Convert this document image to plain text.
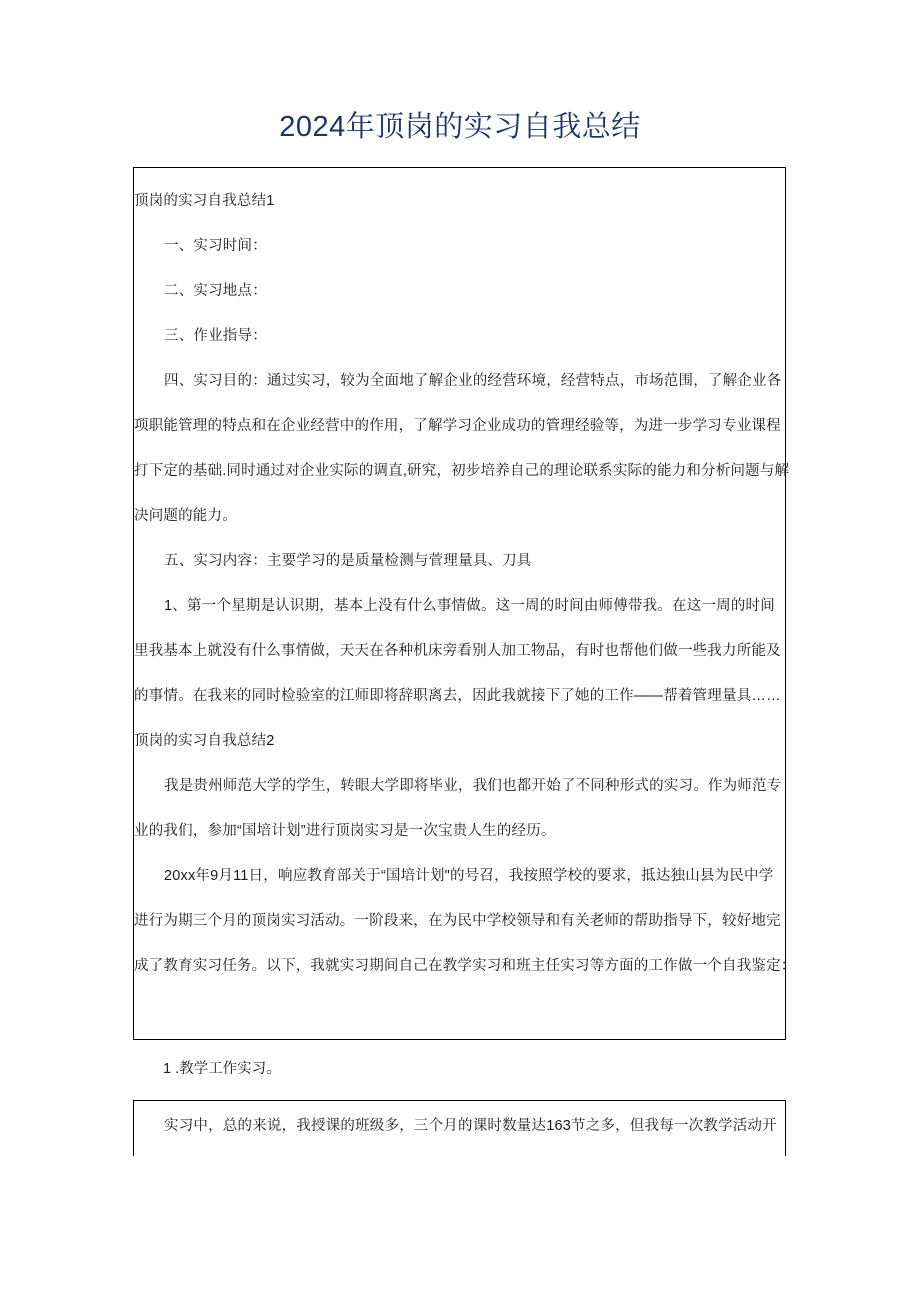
2024年顶岗的实习自我总结

顶岗的实习自我总结1

一、实习时间：

二、实习地点：

三、作业指导：

四、实习目的：通过实习，较为全面地了解企业的经营环境，经营特点，市场范围，了解企业各

项职能管理的特点和在企业经营中的作用，了解学习企业成功的管理经验等，为进一步学习专业课程

打下定的基础.同时通过对企业实际的调直,研究，初步培养自己的理论联系实际的能力和分析问题与解

决问题的能力。

五、实习内容：主要学习的是质量检测与菅理量具、刀具

1、第一个星期是认识期，基本上没有什么事情做。这一周的时间由师傅带我。在这一周的时间

里我基本上就没有什么事情做，天天在各种机床旁看别人加工物品，有时也帮他们做一些我力所能及

的事情。在我来的同时检验室的江师即将辞职离去，因此我就接下了她的工作——帮着管理量具……

顶岗的实习自我总结2

我是贵州师范大学的学生，转眼大学即将毕业，我们也都开始了不同种形式的实习。作为师范专

业的我们，参加“国培计划”进行顶岗实习是一次宝贵人生的经历。

20xx年9月11日，响应教育部关于“国培计划"的号召，我按照学校的要求，抵达独山县为民中学

进行为期三个月的顶岗实习活动。一阶段来，在为民中学校领导和有关老师的帮助指导下，较好地完

成了教育实习任务。以下，我就实习期间自己在教学实习和班主任实习等方面的工作做一个自我鉴定：

1 .教学工作实习。

实习中，总的来说，我授课的班级多，三个月的课时数量达163节之多，但我每一次教学活动开
